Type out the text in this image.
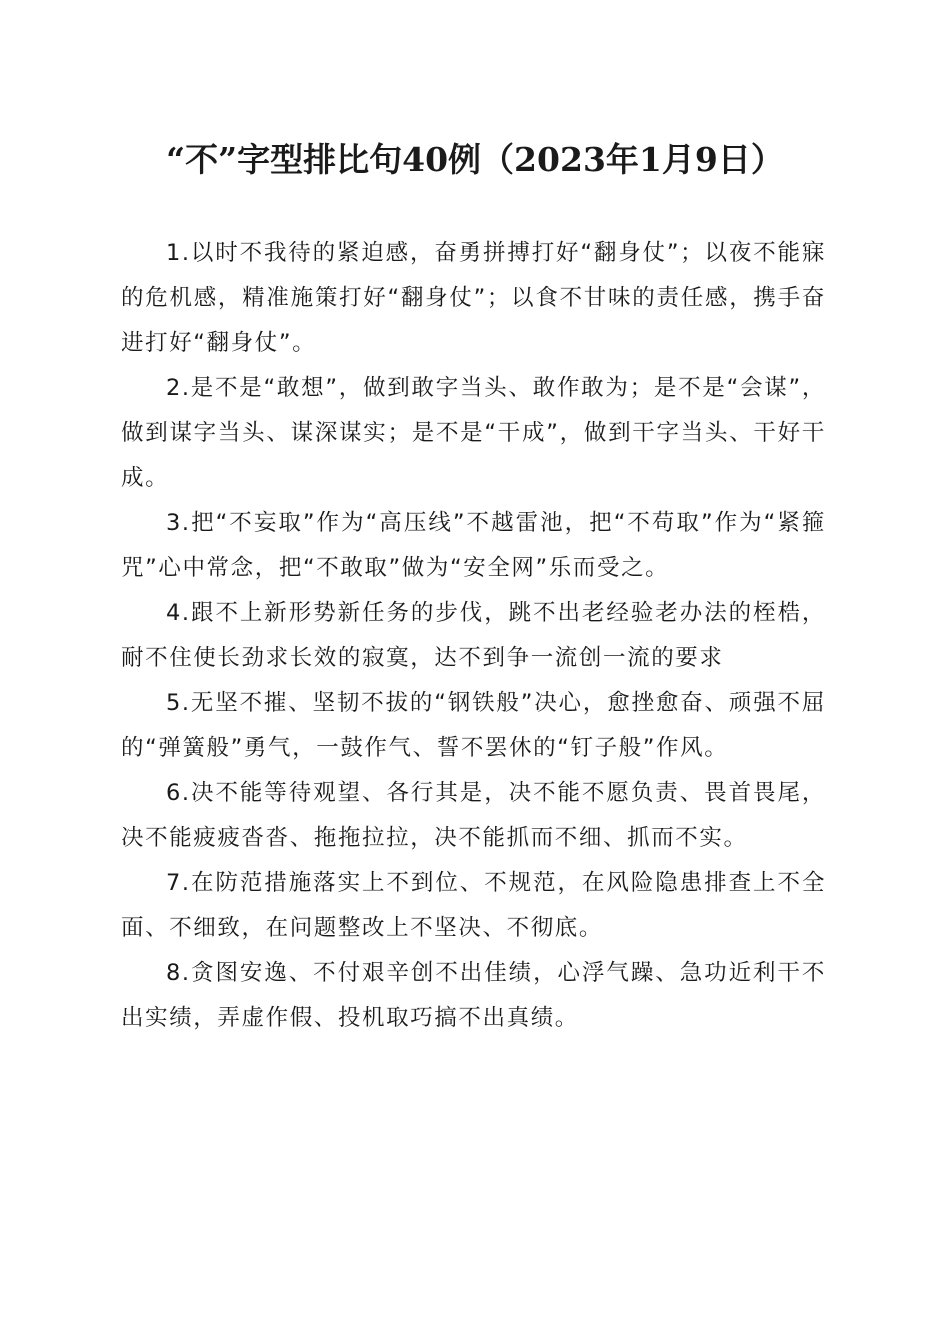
“不”字型排比句40例（2023年1月9日）

1.以时不我待的紧迫感，奋勇拼搏打好“翻身仗”；以夜不能寐的危机感，精准施策打好“翻身仗”；以食不甘味的责任感，携手奋进打好“翻身仗”。

2.是不是“敢想”，做到敢字当头、敢作敢为；是不是“会谋”，做到谋字当头、谋深谋实；是不是“干成”，做到干字当头、干好干成。

3.把“不妄取”作为“高压线”不越雷池，把“不苟取”作为“紧箍咒”心中常念，把“不敢取”做为“安全网”乐而受之。

4.跟不上新形势新任务的步伐，跳不出老经验老办法的桎梏，耐不住使长劲求长效的寂寞，达不到争一流创一流的要求

5.无坚不摧、坚韧不拔的“钢铁般”决心，愈挫愈奋、顽强不屈的“弹簧般”勇气，一鼓作气、誓不罢休的“钉子般”作风。

6.决不能等待观望、各行其是，决不能不愿负责、畏首畏尾，决不能疲疲沓沓、拖拖拉拉，决不能抓而不细、抓而不实。

7.在防范措施落实上不到位、不规范，在风险隐患排查上不全面、不细致，在问题整改上不坚决、不彻底。

8.贪图安逸、不付艰辛创不出佳绩，心浮气躁、急功近利干不出实绩，弄虚作假、投机取巧搞不出真绩。
